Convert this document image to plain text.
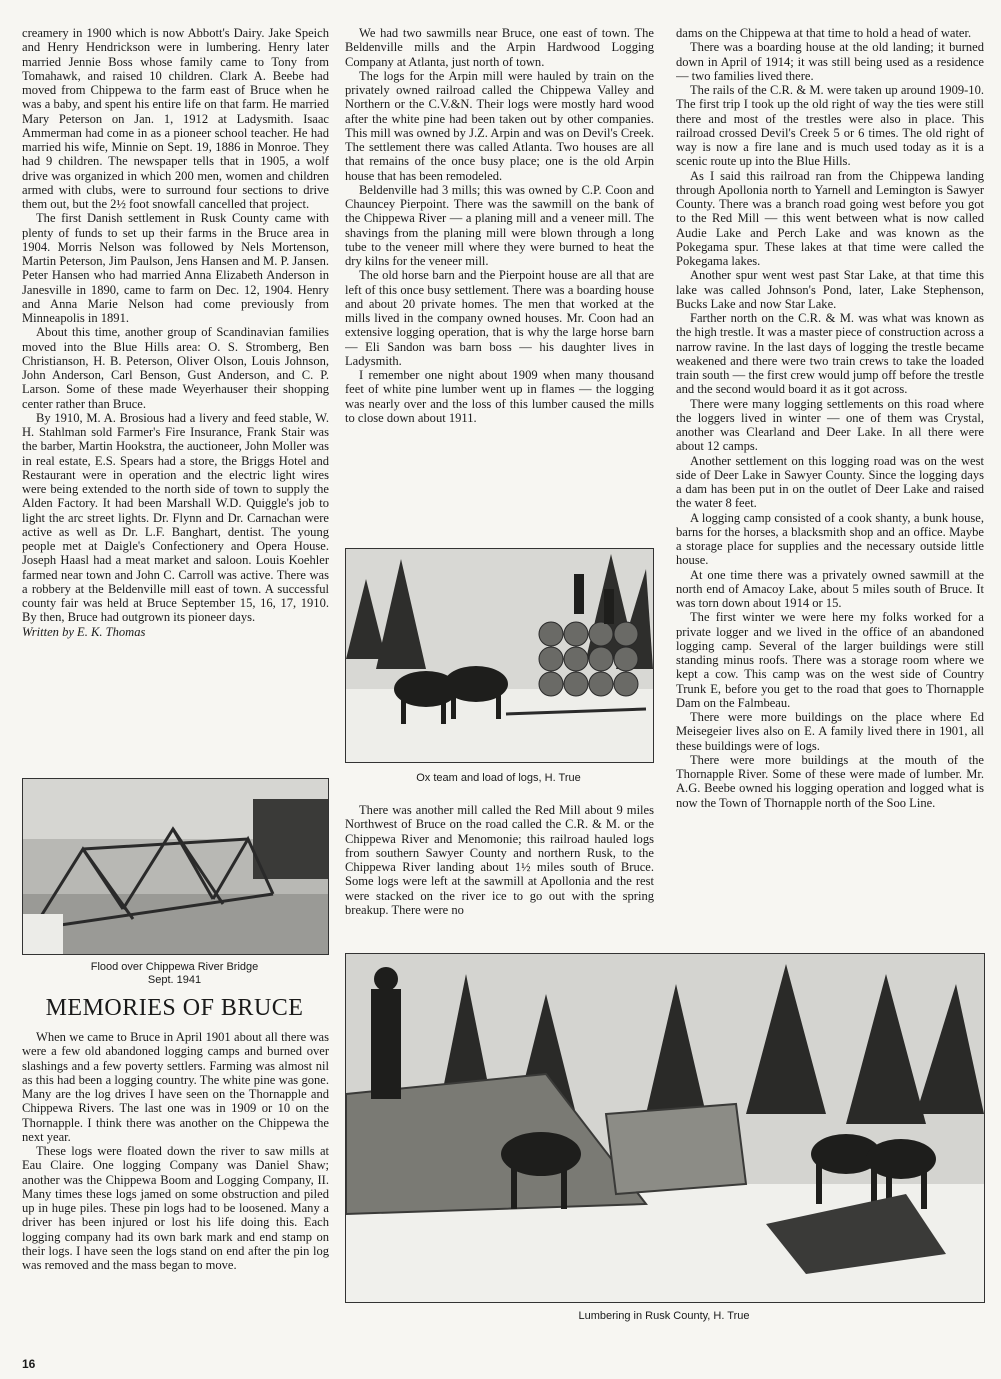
creamery in 1900 which is now Abbott's Dairy. Jake Speich and Henry Hendrickson were in lumbering. Henry later married Jennie Boss whose family came to Tony from Tomahawk, and raised 10 children. Clark A. Beebe had moved from Chippewa to the farm east of Bruce when he was a baby, and spent his entire life on that farm. He married Mary Peterson on Jan. 1, 1912 at Ladysmith. Isaac Ammerman had come in as a pioneer school teacher. He had married his wife, Minnie on Sept. 19, 1886 in Monroe. They had 9 children. The newspaper tells that in 1905, a wolf drive was organized in which 200 men, women and children armed with clubs, were to surround four sections to drive them out, but the 2½ foot snowfall cancelled that project.

The first Danish settlement in Rusk County came with plenty of funds to set up their farms in the Bruce area in 1904. Morris Nelson was followed by Nels Mortenson, Martin Peterson, Jim Paulson, Jens Hansen and M. P. Jansen. Peter Hansen who had married Anna Elizabeth Anderson in Janesville in 1890, came to farm on Dec. 12, 1904. Henry and Anna Marie Nelson had come previously from Minneapolis in 1891.

About this time, another group of Scandinavian families moved into the Blue Hills area: O. S. Stromberg, Ben Christianson, H. B. Peterson, Oliver Olson, Louis Johnson, John Anderson, Carl Benson, Gust Anderson, and C. P. Larson. Some of these made Weyerhauser their shopping center rather than Bruce.

By 1910, M. A. Brosious had a livery and feed stable, W. H. Stahlman sold Farmer's Fire Insurance, Frank Stair was the barber, Martin Hookstra, the auctioneer, John Moller was in real estate, E.S. Spears had a store, the Briggs Hotel and Restaurant were in operation and the electric light wires were being extended to the north side of town to supply the Alden Factory. It had been Marshall W.D. Quiggle's job to light the arc street lights. Dr. Flynn and Dr. Carnachan were active as well as Dr. L.F. Banghart, dentist. The young people met at Daigle's Confectionery and Opera House. Joseph Haasl had a meat market and saloon. Louis Koehler farmed near town and John C. Carroll was active. There was a robbery at the Beldenville mill east of town. A successful county fair was held at Bruce September 15, 16, 17, 1910. By then, Bruce had outgrown its pioneer days.

Written by E. K. Thomas

Flood over Chippewa River Bridge
Sept. 1941
MEMORIES OF BRUCE

When we came to Bruce in April 1901 about all there was were a few old abandoned logging camps and burned over slashings and a few poverty settlers. Farming was almost nil as this had been a logging country. The white pine was gone. Many are the log drives I have seen on the Thornapple and Chippewa Rivers. The last one was in 1909 or 10 on the Thornapple. I think there was another on the Chippewa the next year.

These logs were floated down the river to saw mills at Eau Claire. One logging Company was Daniel Shaw; another was the Chippewa Boom and Logging Company, II. Many times these logs jamed on some obstruction and piled up in huge piles. These pin logs had to be loosened. Many a driver has been injured or lost his life doing this. Each logging company had its own bark mark and end stamp on their logs. I have seen the logs stand on end after the pin log was removed and the mass began to move.

16

We had two sawmills near Bruce, one east of town. The Beldenville mills and the Arpin Hardwood Logging Company at Atlanta, just north of town.

The logs for the Arpin mill were hauled by train on the privately owned railroad called the Chippewa Valley and Northern or the C.V.&N. Their logs were mostly hard wood after the white pine had been taken out by other companies. This mill was owned by J.Z. Arpin and was on Devil's Creek. The settlement there was called Atlanta. Two houses are all that remains of the once busy place; one is the old Arpin house that has been remodeled.

Beldenville had 3 mills; this was owned by C.P. Coon and Chauncey Pierpoint. There was the sawmill on the bank of the Chippewa River — a planing mill and a veneer mill. The shavings from the planing mill were blown through a long tube to the veneer mill where they were burned to heat the dry kilns for the veneer mill.

The old horse barn and the Pierpoint house are all that are left of this once busy settlement. There was a boarding house and about 20 private homes. The men that worked at the mills lived in the company owned houses. Mr. Coon had an extensive logging operation, that is why the large horse barn — Eli Sandon was barn boss — his daughter lives in Ladysmith.

I remember one night about 1909 when many thousand feet of white pine lumber went up in flames — the logging was nearly over and the loss of this lumber caused the mills to close down about 1911.

Ox team and load of logs, H. True

There was another mill called the Red Mill about 9 miles Northwest of Bruce on the road called the C.R. & M. or the Chippewa River and Menomonie; this railroad hauled logs from southern Sawyer County and northern Rusk, to the Chippewa River landing about 1½ miles south of Bruce. Some logs were left at the sawmill at Apollonia and the rest were stacked on the river ice to go out with the spring breakup. There were no

dams on the Chippewa at that time to hold a head of water.

There was a boarding house at the old landing; it burned down in April of 1914; it was still being used as a residence — two families lived there.

The rails of the C.R. & M. were taken up around 1909-10. The first trip I took up the old right of way the ties were still there and most of the trestles were also in place. This railroad crossed Devil's Creek 5 or 6 times. The old right of way is now a fire lane and is much used today as it is a scenic route up into the Blue Hills.

As I said this railroad ran from the Chippewa landing through Apollonia north to Yarnell and Lemington is Sawyer County. There was a branch road going west before you got to the Red Mill — this went between what is now called Audie Lake and Perch Lake and was known as the Pokegama spur. These lakes at that time were called the Pokegama lakes.

Another spur went west past Star Lake, at that time this lake was called Johnson's Pond, later, Lake Stephenson, Bucks Lake and now Star Lake.

Farther north on the C.R. & M. was what was known as the high trestle. It was a master piece of construction across a narrow ravine. In the last days of logging the trestle became weakened and there were two train crews to take the loaded train south — the first crew would jump off before the trestle and the second would board it as it got across.

There were many logging settlements on this road where the loggers lived in winter — one of them was Crystal, another was Clearland and Deer Lake. In all there were about 12 camps.

Another settlement on this logging road was on the west side of Deer Lake in Sawyer County. Since the logging days a dam has been put in on the outlet of Deer Lake and raised the water 8 feet.

A logging camp consisted of a cook shanty, a bunk house, barns for the horses, a blacksmith shop and an office. Maybe a storage place for supplies and the necessary outside little house.

At one time there was a privately owned sawmill at the north end of Amacoy Lake, about 5 miles south of Bruce. It was torn down about 1914 or 15.

The first winter we were here my folks worked for a private logger and we lived in the office of an abandoned logging camp. Several of the larger buildings were still standing minus roofs. There was a storage room where we kept a cow. This camp was on the west side of Country Trunk E, before you get to the road that goes to Thornapple Dam on the Falmbeau.

There were more buildings on the place where Ed Meisegeier lives also on E. A family lived there in 1901, all these buildings were of logs.

There were more buildings at the mouth of the Thornapple River. Some of these were made of lumber. Mr. A.G. Beebe owned his logging operation and logged what is now the Town of Thornapple north of the Soo Line.

Lumbering in Rusk County, H. True
